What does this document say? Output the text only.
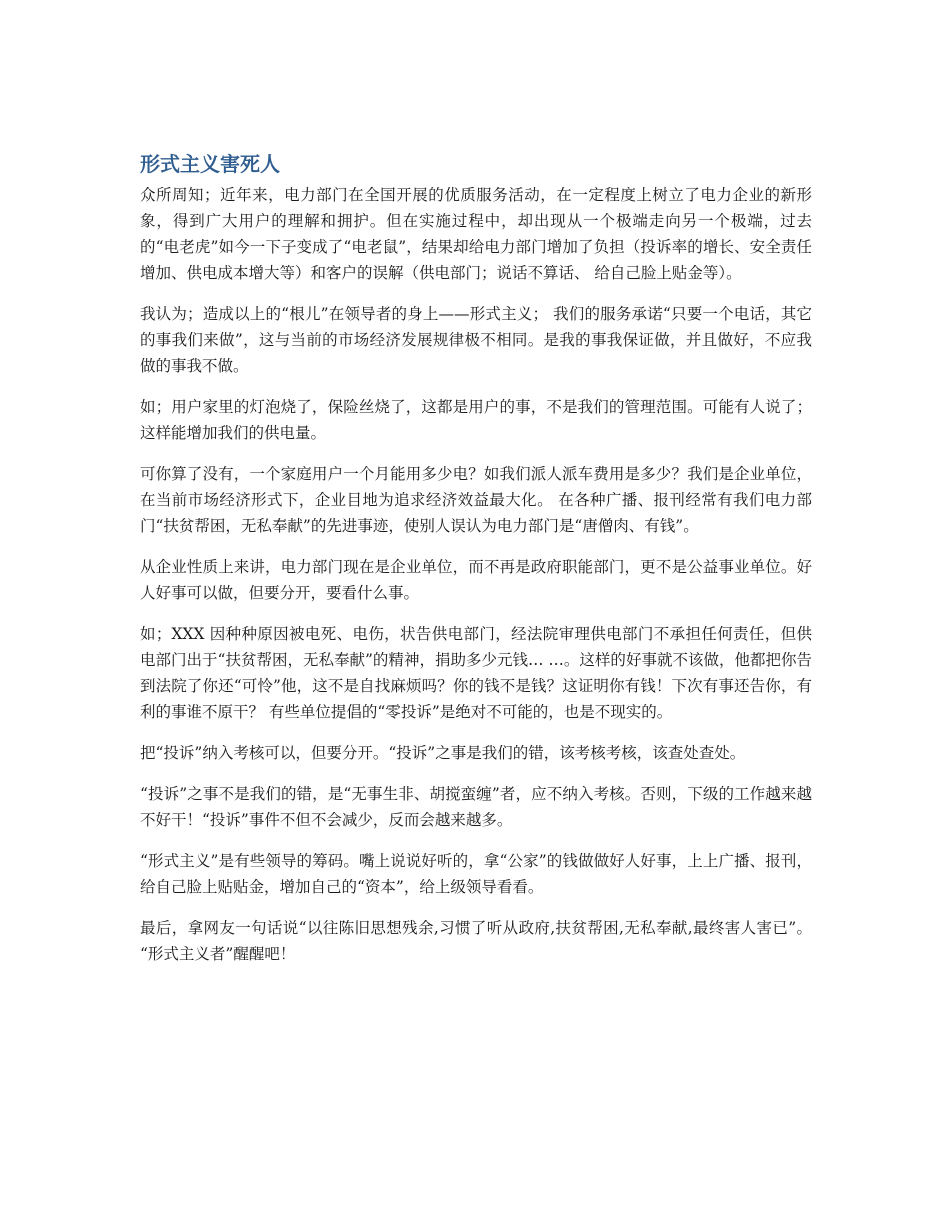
形式主义害死人

众所周知；近年来，电力部门在全国开展的优质服务活动，在一定程度上树立了电力企业的新形象，得到广大用户的理解和拥护。但在实施过程中，却出现从一个极端走向另一个极端，过去的“电老虎”如今一下子变成了“电老鼠”，结果却给电力部门增加了负担（投诉率的增长、安全责任增加、供电成本增大等）和客户的误解（供电部门；说话不算话、 给自己脸上贴金等）。

我认为；造成以上的“根儿”在领导者的身上——形式主义； 我们的服务承诺“只要一个电话，其它的事我们来做”，这与当前的市场经济发展规律极不相同。是我的事我保证做，并且做好，不应我做的事我不做。

如；用户家里的灯泡烧了，保险丝烧了，这都是用户的事，不是我们的管理范围。可能有人说了；这样能增加我们的供电量。

可你算了没有，一个家庭用户一个月能用多少电？如我们派人派车费用是多少？我们是企业单位，在当前市场经济形式下，企业目地为追求经济效益最大化。 在各种广播、报刊经常有我们电力部门“扶贫帮困，无私奉献”的先进事迹，使别人误认为电力部门是“唐僧肉、有钱”。

从企业性质上来讲，电力部门现在是企业单位，而不再是政府职能部门，更不是公益事业单位。好人好事可以做，但要分开，要看什么事。

如；XXX 因种种原因被电死、电伤，状告供电部门，经法院审理供电部门不承担任何责任，但供电部门出于“扶贫帮困，无私奉献”的精神，捐助多少元钱… …。这样的好事就不该做，他都把你告到法院了你还“可怜”他，这不是自找麻烦吗？你的钱不是钱？这证明你有钱！下次有事还告你，有利的事谁不原干？ 有些单位提倡的“零投诉”是绝对不可能的，也是不现实的。

把“投诉”纳入考核可以，但要分开。“投诉”之事是我们的错，该考核考核，该查处查处。

“投诉”之事不是我们的错，是“无事生非、胡搅蛮缠”者，应不纳入考核。否则，下级的工作越来越不好干！“投诉”事件不但不会减少，反而会越来越多。

“形式主义”是有些领导的筹码。嘴上说说好听的，拿“公家”的钱做做好人好事，上上广播、报刊，给自己脸上贴贴金，增加自己的“资本”，给上级领导看看。

最后，拿网友一句话说“以往陈旧思想残余,习惯了听从政府,扶贫帮困,无私奉献,最终害人害已”。 “形式主义者”醒醒吧！
